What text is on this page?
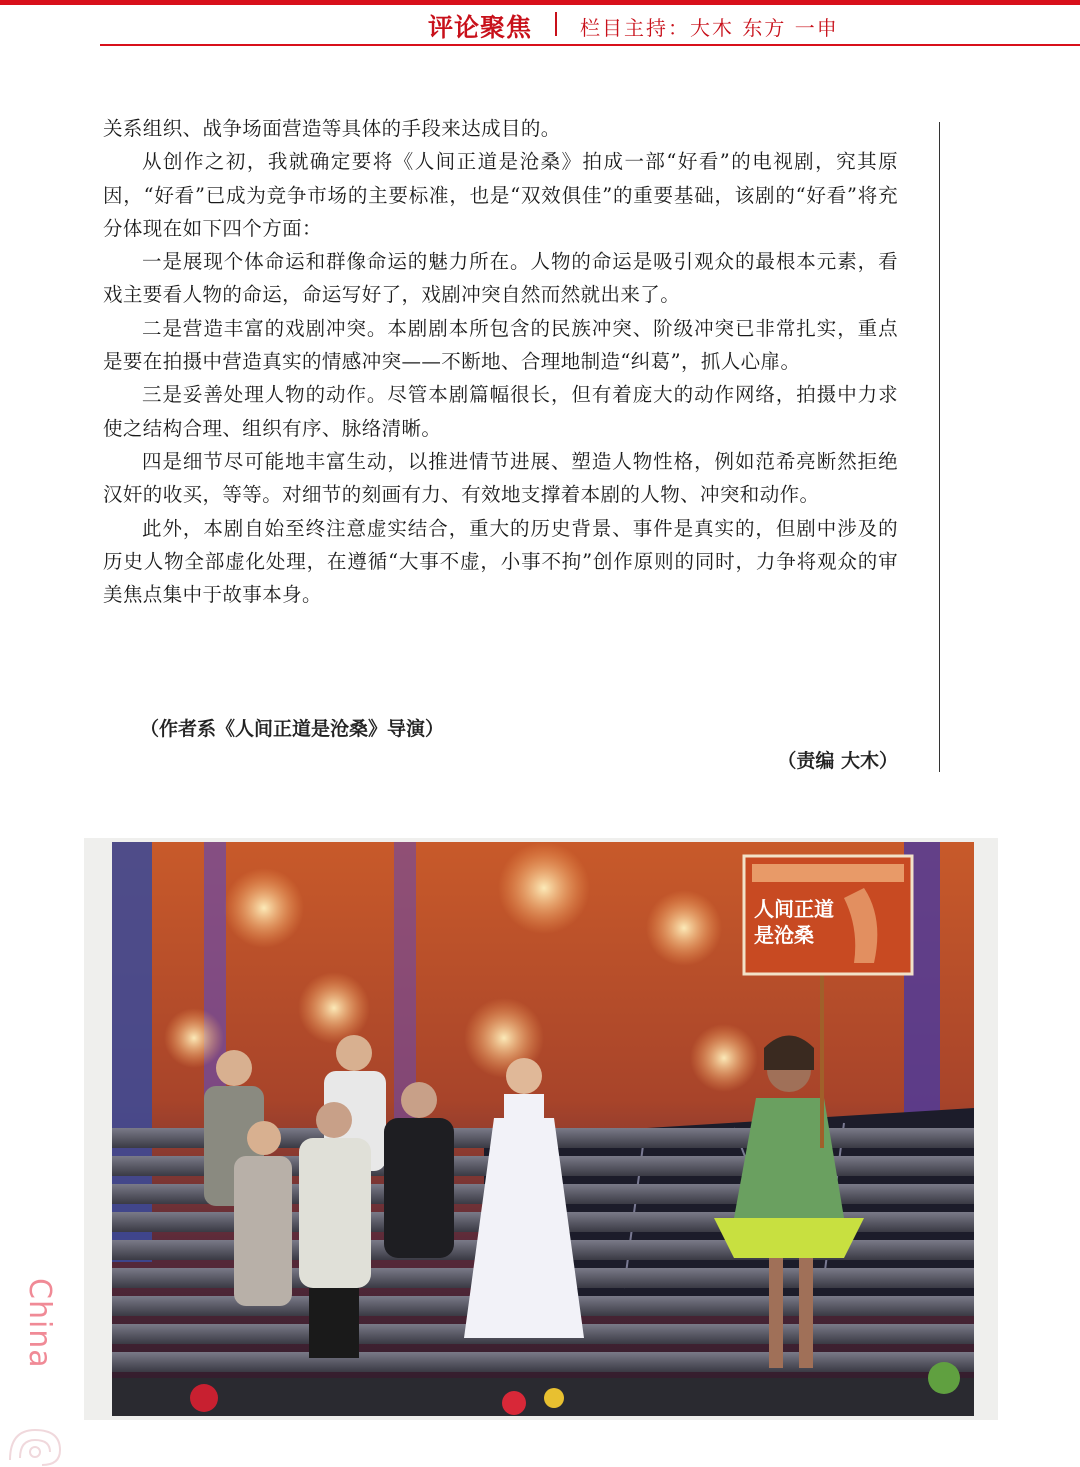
评论聚焦 栏目主持：大木 东方 一申

关系组织、战争场面营造等具体的手段来达成目的。

从创作之初，我就确定要将《人间正道是沧桑》拍成一部“好看”的电视剧，究其原因，“好看”已成为竞争市场的主要标准，也是“双效俱佳”的重要基础，该剧的“好看”将充分体现在如下四个方面：

一是展现个体命运和群像命运的魅力所在。人物的命运是吸引观众的最根本元素，看戏主要看人物的命运，命运写好了，戏剧冲突自然而然就出来了。

二是营造丰富的戏剧冲突。本剧剧本所包含的民族冲突、阶级冲突已非常扎实，重点是要在拍摄中营造真实的情感冲突——不断地、合理地制造“纠葛”，抓人心扉。

三是妥善处理人物的动作。尽管本剧篇幅很长，但有着庞大的动作网络，拍摄中力求使之结构合理、组织有序、脉络清晰。

四是细节尽可能地丰富生动，以推进情节进展、塑造人物性格，例如范希亮断然拒绝汉奸的收买，等等。对细节的刻画有力、有效地支撑着本剧的人物、冲突和动作。

此外，本剧自始至终注意虚实结合，重大的历史背景、事件是真实的，但剧中涉及的历史人物全部虚化处理，在遵循“大事不虚，小事不拘”创作原则的同时，力争将观众的审美焦点集中于故事本身。

（作者系《人间正道是沧桑》导演）
（责编 大木）
人间正道
是沧桑
China
